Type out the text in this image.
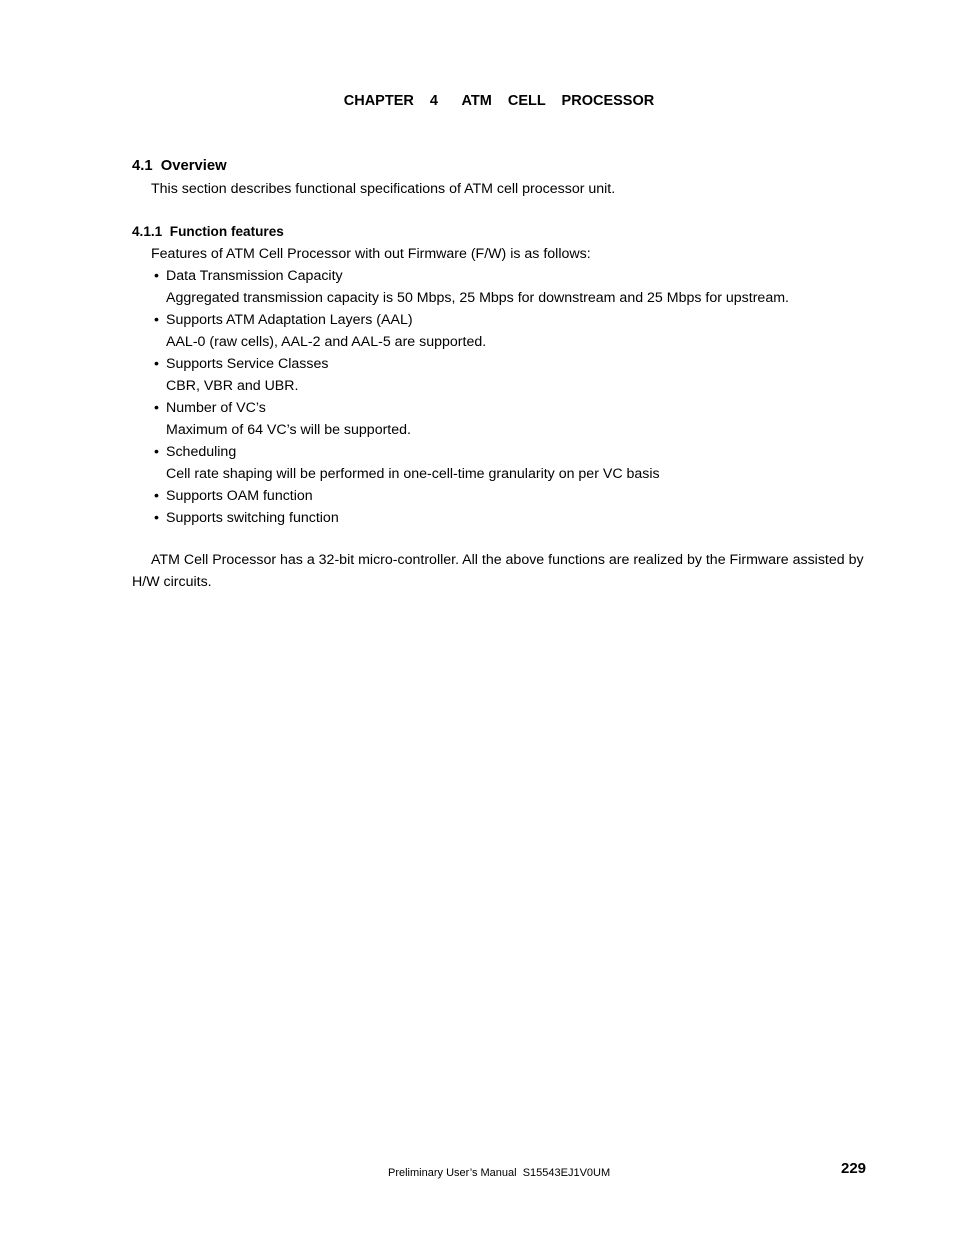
CHAPTER  4   ATM  CELL  PROCESSOR
4.1  Overview
This section describes functional specifications of ATM cell processor unit.
4.1.1  Function features
Features of ATM Cell Processor with out Firmware (F/W) is as follows:
• Data Transmission Capacity
Aggregated transmission capacity is 50 Mbps, 25 Mbps for downstream and 25 Mbps for upstream.
• Supports ATM Adaptation Layers (AAL)
AAL-0 (raw cells), AAL-2 and AAL-5 are supported.
• Supports Service Classes
CBR, VBR and UBR.
• Number of VC’s
Maximum of 64 VC’s will be supported.
• Scheduling
Cell rate shaping will be performed in one-cell-time granularity on per VC basis
• Supports OAM function
• Supports switching function

ATM Cell Processor has a 32-bit micro-controller. All the above functions are realized by the Firmware assisted by H/W circuits.

Preliminary User’s Manual  S15543EJ1V0UM	229
